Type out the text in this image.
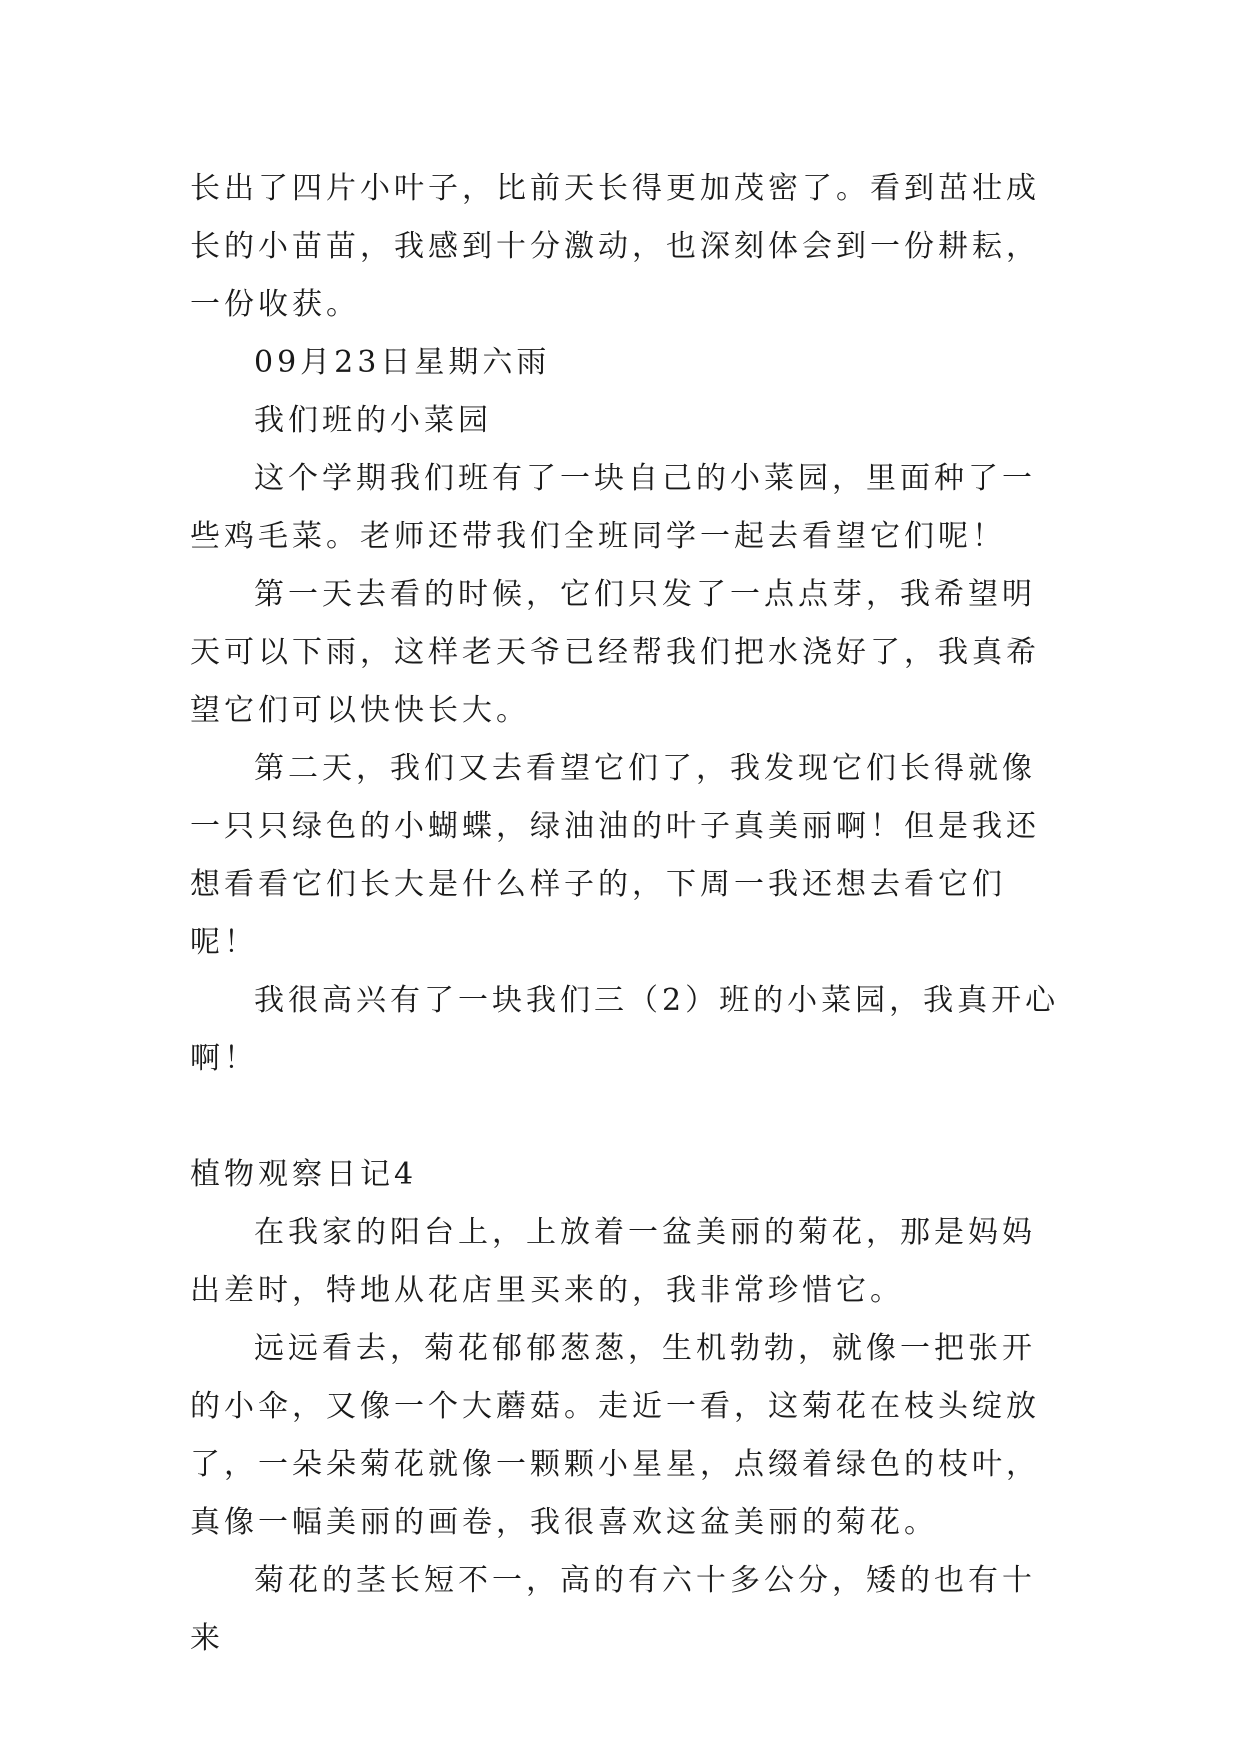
长出了四片小叶子，比前天长得更加茂密了。看到茁壮成长的小苗苗，我感到十分激动，也深刻体会到一份耕耘，一份收获。

09月23日星期六雨

我们班的小菜园

这个学期我们班有了一块自己的小菜园，里面种了一些鸡毛菜。老师还带我们全班同学一起去看望它们呢！

第一天去看的时候，它们只发了一点点芽，我希望明天可以下雨，这样老天爷已经帮我们把水浇好了，我真希望它们可以快快长大。

第二天，我们又去看望它们了，我发现它们长得就像一只只绿色的小蝴蝶，绿油油的叶子真美丽啊！但是我还想看看它们长大是什么样子的，下周一我还想去看它们呢！

我很高兴有了一块我们三（2）班的小菜园，我真开心啊！

植物观察日记4

在我家的阳台上，上放着一盆美丽的菊花，那是妈妈出差时，特地从花店里买来的，我非常珍惜它。

远远看去，菊花郁郁葱葱，生机勃勃，就像一把张开的小伞，又像一个大蘑菇。走近一看，这菊花在枝头绽放了，一朵朵菊花就像一颗颗小星星，点缀着绿色的枝叶，真像一幅美丽的画卷，我很喜欢这盆美丽的菊花。

菊花的茎长短不一，高的有六十多公分，矮的也有十来
